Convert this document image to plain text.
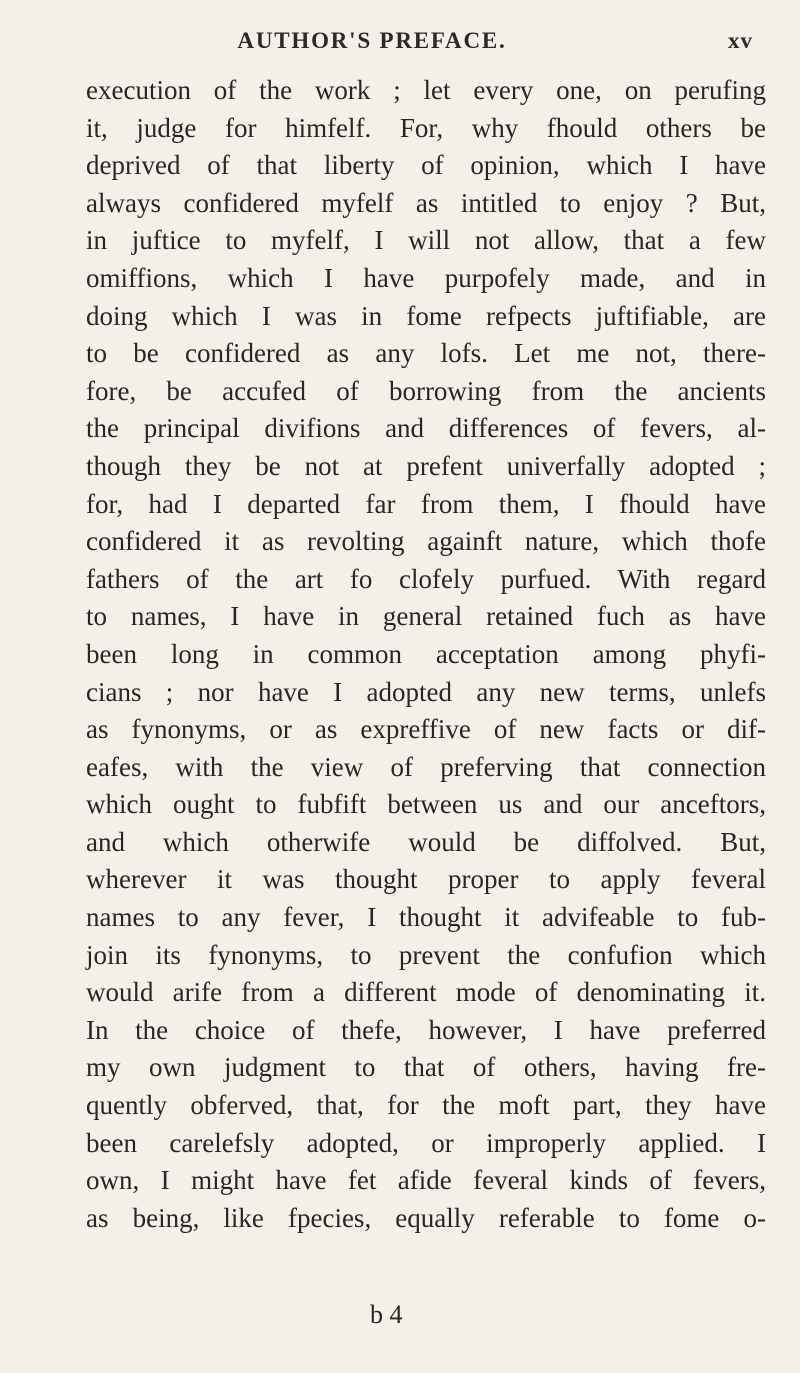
AUTHOR'S PREFACE.	xv
execution of the work ; let every one, on perufing
it, judge for himfelf. For, why fhould others be
deprived of that liberty of opinion, which I have
always confidered myfelf as intitled to enjoy ? But,
in juftice to myfelf, I will not allow, that a few
omiffions, which I have purpofely made, and in
doing which I was in fome refpects juftifiable, are
to be confidered as any lofs. Let me not, there-
fore, be accufed of borrowing from the ancients
the principal divifions and differences of fevers, al-
though they be not at prefent univerfally adopted ;
for, had I departed far from them, I fhould have
confidered it as revolting againft nature, which thofe
fathers of the art fo clofely purfued. With regard
to names, I have in general retained fuch as have
been long in common acceptation among phyfi-
cians ; nor have I adopted any new terms, unlefs
as fynonyms, or as expreffive of new facts or dif-
eafes, with the view of preferving that connection
which ought to fubfift between us and our anceftors,
and which otherwife would be diffolved. But,
wherever it was thought proper to apply feveral
names to any fever, I thought it advifeable to fub-
join its fynonyms, to prevent the confufion which
would arife from a different mode of denominating it.
In the choice of thefe, however, I have preferred
my own judgment to that of others, having fre-
quently obferved, that, for the moft part, they have
been carelefsly adopted, or improperly applied. I
own, I might have fet afide feveral kinds of fevers,
as being, like fpecies, equally referable to fome o-
b 4
